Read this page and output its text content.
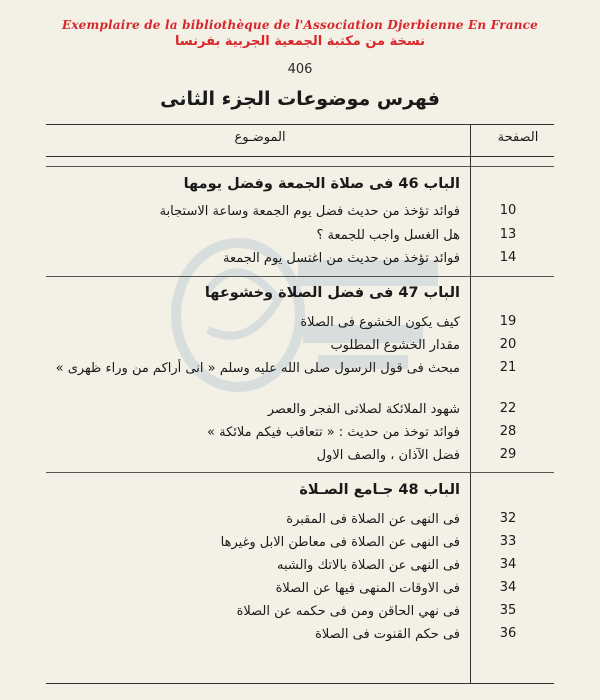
Exemplaire de la bibliothèque de l'Association Djerbienne En France
نسخة من مكتبة الجمعية الجربية بفرنسا
406
فهرس موضوعات الجزء الثانى
الصفحة
الموضـوع
الباب 46 فى صلاة الجمعة وفضل يومها
فوائد تؤخذ من حديث فضل يوم الجمعة وساعة الاستجابة	10
هل الغسل واجب للجمعة ؟	13
فوائد تؤخذ من حديث من اغتسل يوم الجمعة	14
الباب 47 فى فضل الصلاة وخشوعها
كيف يكون الخشوع فى الصلاة	19
مقدار الخشوع المطلوب	20
مبحث فى قول الرسول صلى الله عليه وسلم « انى أراكم من وراء ظهرى »	21
شهود الملائكة لصلاتى الفجر والعصر	22
فوائد توخذ من حديث : « تتعاقب فيكم ملائكة »	28
فضل الآذان ، والصف الاول	29
الباب 48 جـامع الصـلاة
فى النهى عن الصلاة فى المقبرة	32
فى النهى عن الصلاة فى معاطن الابل وغيرها	33
فى النهى عن الصلاة بالاتك والشبه	34
فى الاوقات المنهى فيها عن الصلاة	34
فى نهي الحاقن ومن فى حكمه عن الصلاة	35
فى حكم القنوت فى الصلاة	36
